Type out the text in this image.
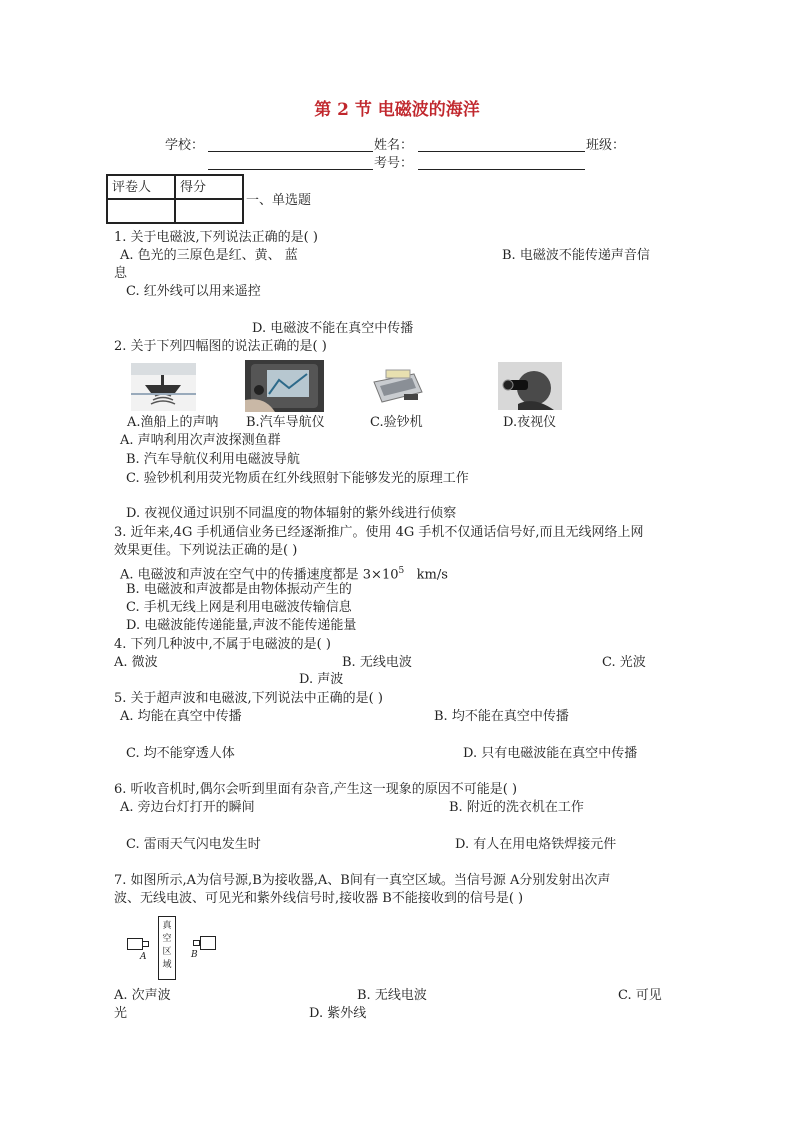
第 2 节 电磁波的海洋
学校：	姓名：	班级：
考号：
评卷人	得分

一、单选题
1. 关于电磁波,下列说法正确的是( )
A. 色光的三原色是红、黄、 蓝	B. 电磁波不能传递声音信
息
C. 红外线可以用来遥控
D. 电磁波不能在真空中传播
2. 关于下列四幅图的说法正确的是( )
A.渔船上的声呐 B.汽车导航仪	C.验钞机	D.夜视仪
A. 声呐利用次声波探测鱼群
B. 汽车导航仪利用电磁波导航
C. 验钞机利用荧光物质在红外线照射下能够发光的原理工作
D. 夜视仪通过识别不同温度的物体辐射的紫外线进行侦察
3. 近年来,4G 手机通信业务已经逐渐推广。使用 4G 手机不仅通话信号好,而且无线网络上网
效果更佳。下列说法正确的是( )
A. 电磁波和声波在空气中的传播速度都是 $3\times 10^5$ km/s
B. 电磁波和声波都是由物体振动产生的
C. 手机无线上网是利用电磁波传输信息
D. 电磁波能传递能量,声波不能传递能量
4. 下列几种波中,不属于电磁波的是( )
A. 微波	B. 无线电波	C. 光波
D. 声波
5. 关于超声波和电磁波,下列说法中正确的是( )
A. 均能在真空中传播	B. 均不能在真空中传播
C. 均不能穿透人体	D. 只有电磁波能在真空中传播
6. 听收音机时,偶尔会听到里面有杂音,产生这一现象的原因不可能是( )
A. 旁边台灯打开的瞬间	B. 附近的洗衣机在工作
C. 雷雨天气闪电发生时	D. 有人在用电烙铁焊接元件
7. 如图所示,A为信号源,B为接收器,A、B间有一真空区域。当信号源 A分别发射出次声
波、无线电波、可见光和紫外线信号时,接收器 B不能接收到的信号是( )
A
真空区域
B
A. 次声波	B. 无线电波	C. 可见
光	D. 紫外线
